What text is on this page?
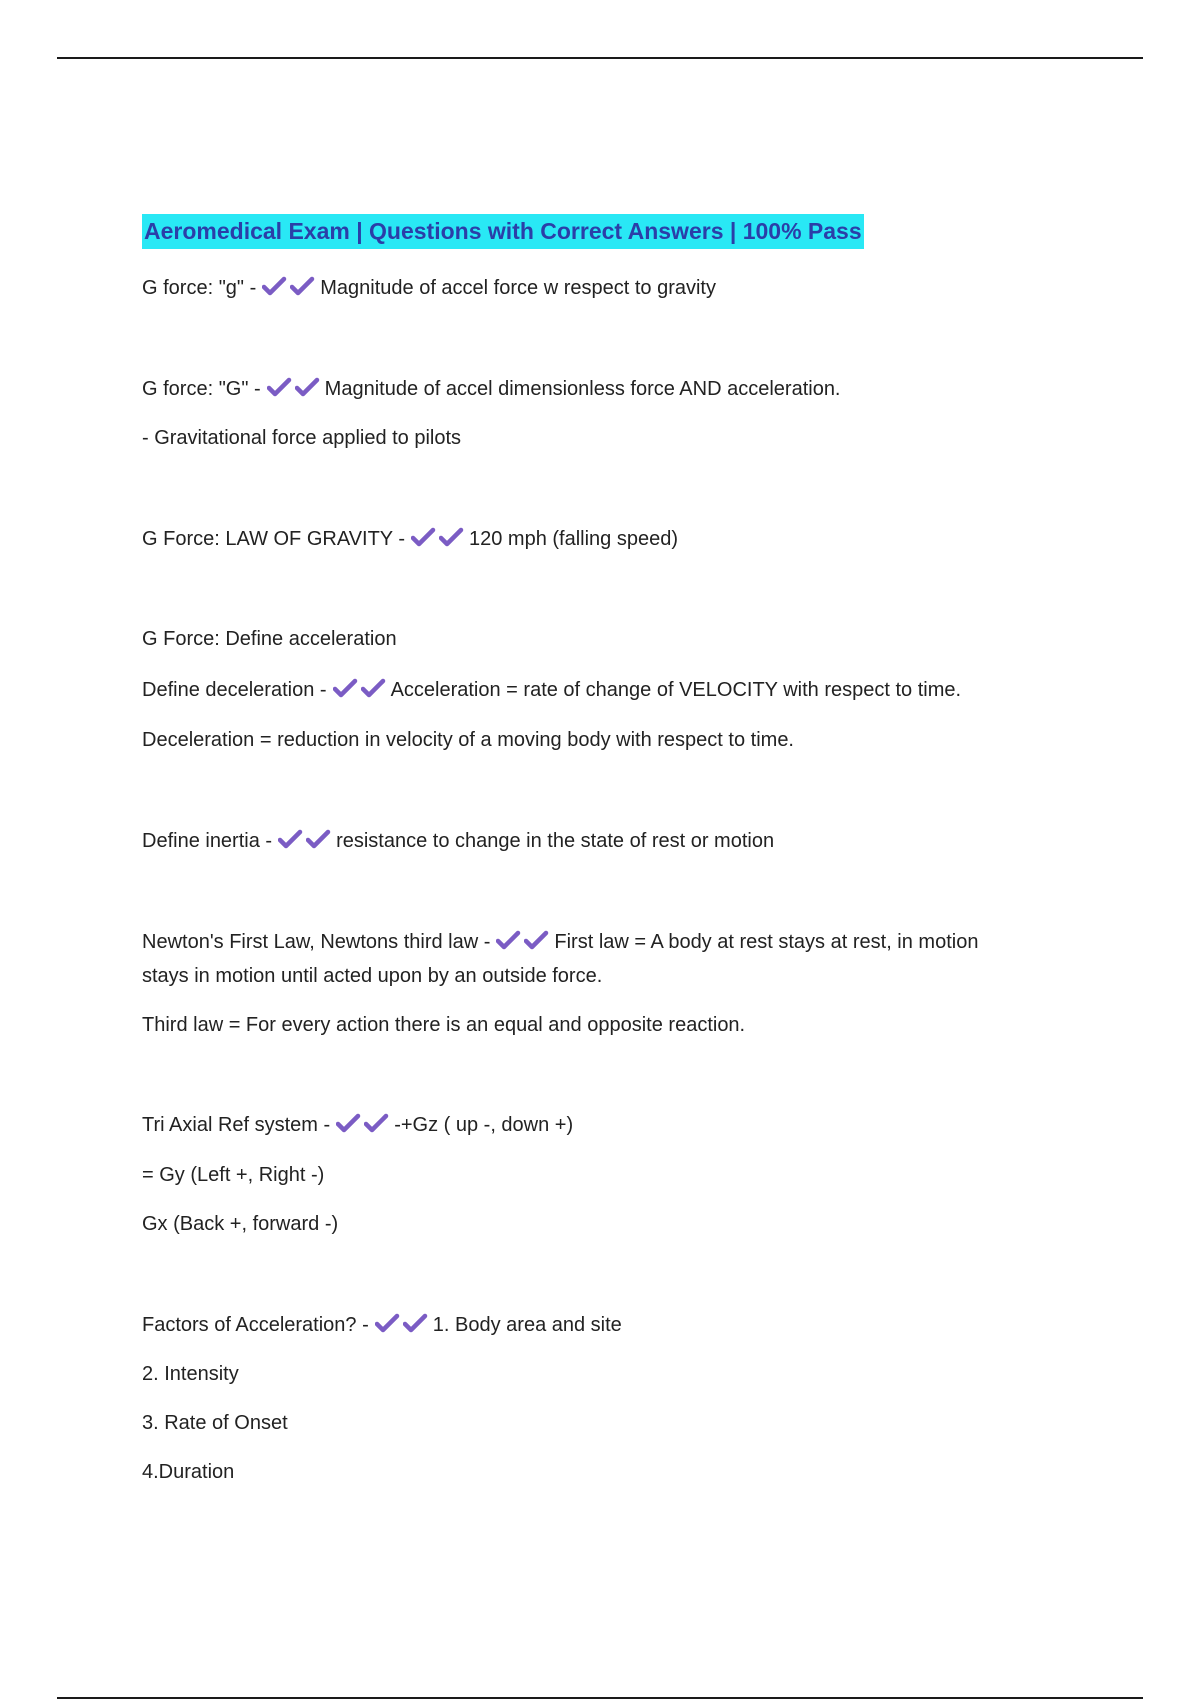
Aeromedical Exam | Questions with Correct Answers | 100% Pass
G force: "g" -	Magnitude of accel force w respect to gravity
G force: "G" -	Magnitude of accel dimensionless force AND acceleration.
- Gravitational force applied to pilots
G Force: LAW OF GRAVITY -	120 mph (falling speed)
G Force: Define acceleration
Define deceleration -	Acceleration = rate of change of VELOCITY with respect to time.
Deceleration = reduction in velocity of a moving body with respect to time.
Define inertia -	resistance to change in the state of rest or motion
Newton's First Law, Newtons third law -	First law = A body at rest stays at rest, in motion
stays in motion until acted upon by an outside force.
Third law = For every action there is an equal and opposite reaction.
Tri Axial Ref system -	-+Gz ( up -, down +)
= Gy (Left +, Right -)
Gx (Back +, forward -)
Factors of Acceleration? -	1. Body area and site
2. Intensity
3. Rate of Onset
4.Duration
